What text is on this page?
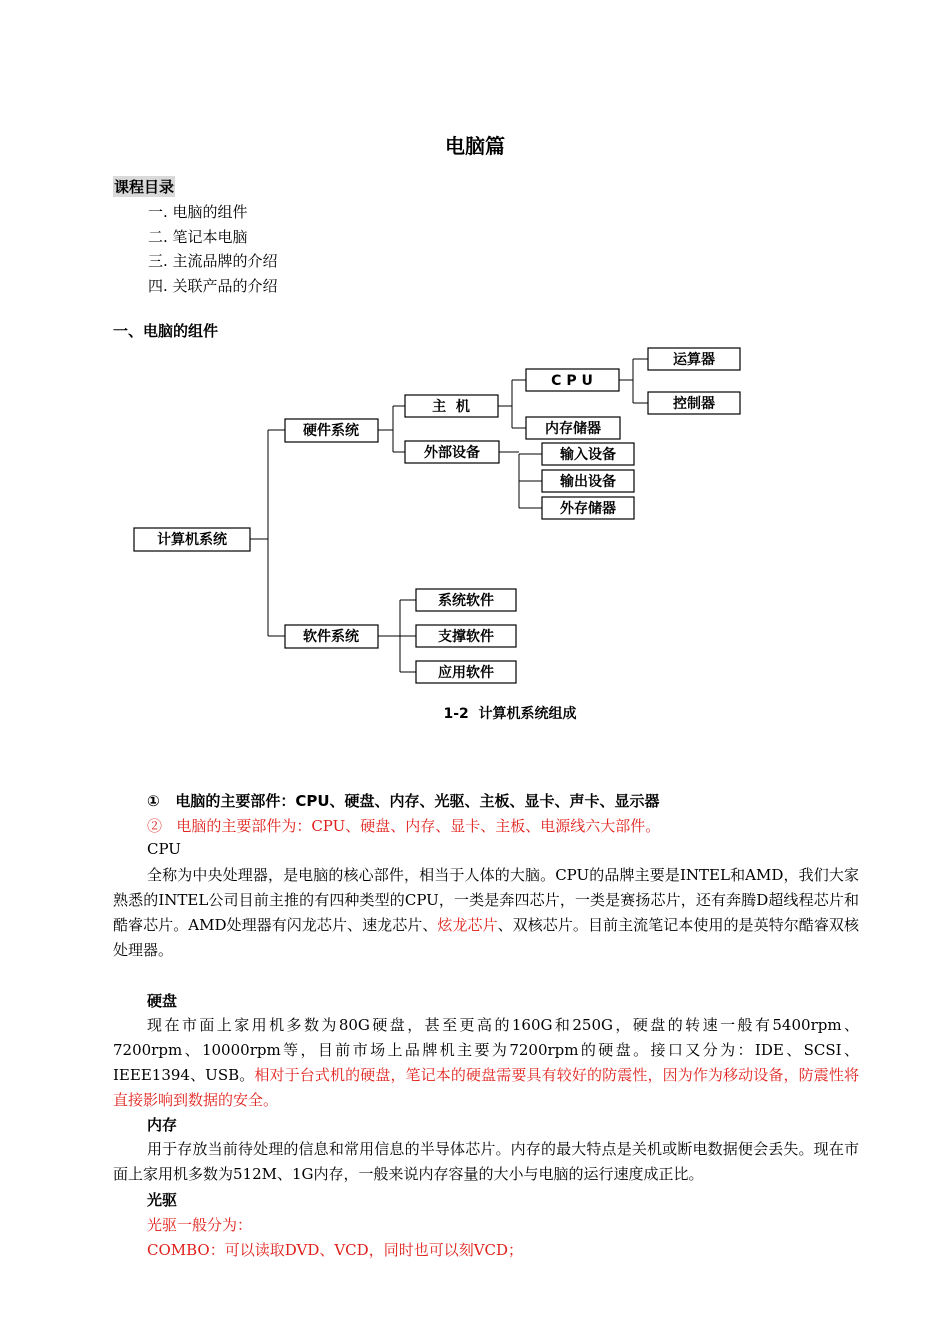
电脑篇
课程目录
一. 电脑的组件
二. 笔记本电脑
三. 主流品牌的介绍
四. 关联产品的介绍
一、电脑的组件
计算机系统
硬件系统
软件系统
主  机
外部设备
C P U
内存储器
运算器
控制器
输入设备
输出设备
外存储器
系统软件
支撑软件
应用软件
1-2  计算机系统组成
① 电脑的主要部件：CPU、硬盘、内存、光驱、主板、显卡、声卡、显示器
② 电脑的主要部件为：CPU、硬盘、内存、显卡、主板、电源线六大部件。
CPU

全称为中央处理器，是电脑的核心部件，相当于人体的大脑。CPU的品牌主要是INTEL和AMD，我们大家熟悉的INTEL公司目前主推的有四种类型的CPU，一类是奔四芯片，一类是赛扬芯片，还有奔腾D超线程芯片和酷睿芯片。AMD处理器有闪龙芯片、速龙芯片、炫龙芯片、双核芯片。目前主流笔记本使用的是英特尔酷睿双核处理器。

硬盘

现在市面上家用机多数为80G硬盘，甚至更高的160G和250G，硬盘的转速一般有5400rpm、7200rpm、10000rpm等，目前市场上品牌机主要为7200rpm的硬盘。接口又分为：IDE、SCSI、IEEE1394、USB。相对于台式机的硬盘，笔记本的硬盘需要具有较好的防震性，因为作为移动设备，防震性将直接影响到数据的安全。

内存

用于存放当前待处理的信息和常用信息的半导体芯片。内存的最大特点是关机或断电数据便会丢失。现在市面上家用机多数为512M、1G内存，一般来说内存容量的大小与电脑的运行速度成正比。

光驱
光驱一般分为：
COMBO：可以读取DVD、VCD，同时也可以刻VCD；
